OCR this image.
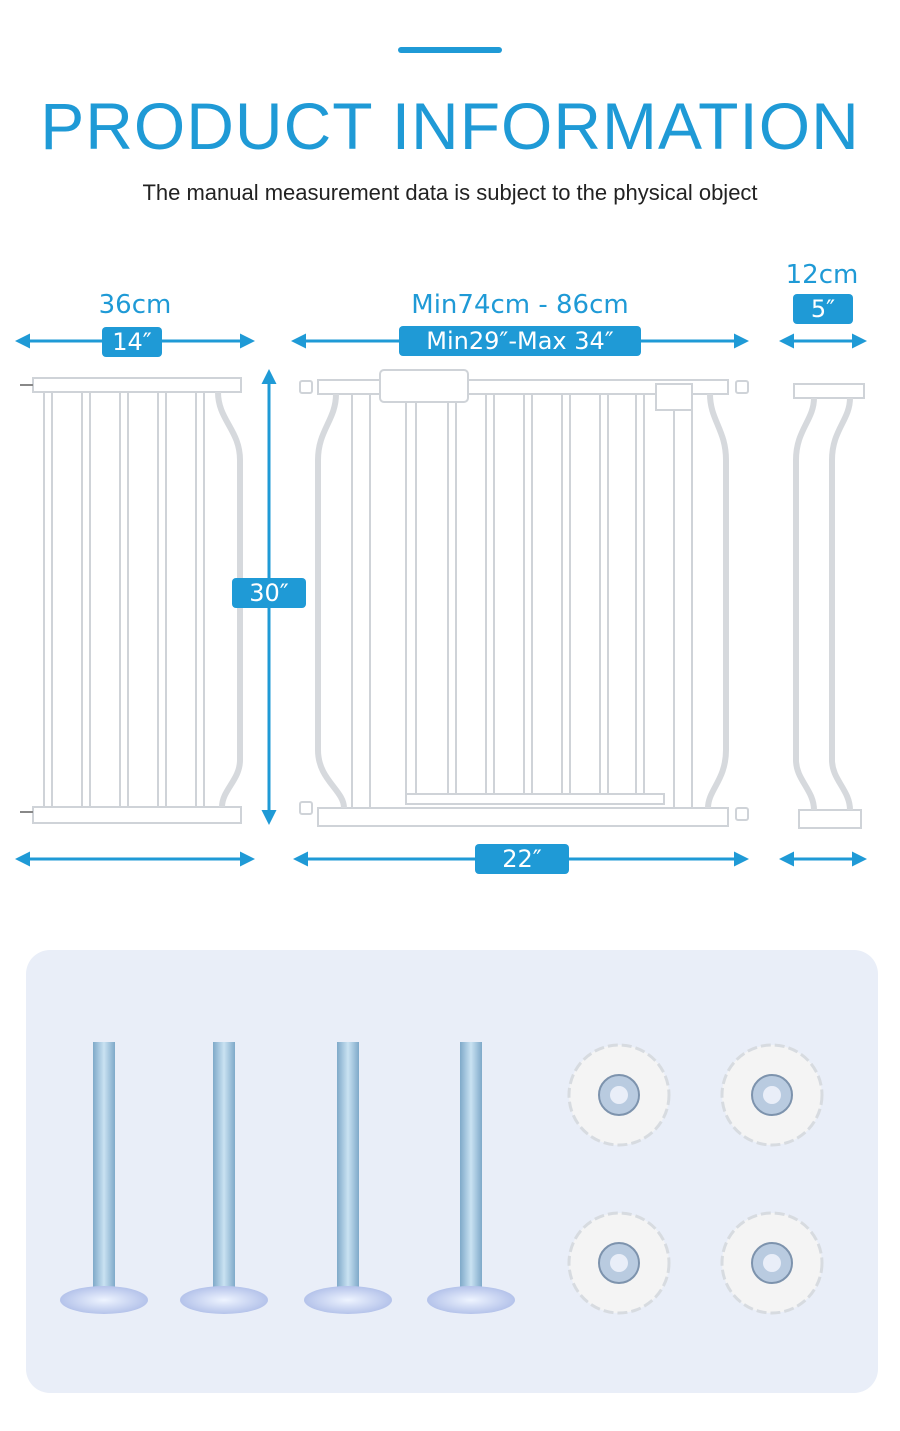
PRODUCT INFORMATION
The manual measurement data is subject to the physical object
36cm
14″
Min74cm - 86cm
Min29″-Max 34″
12cm
5″
30″
22″
